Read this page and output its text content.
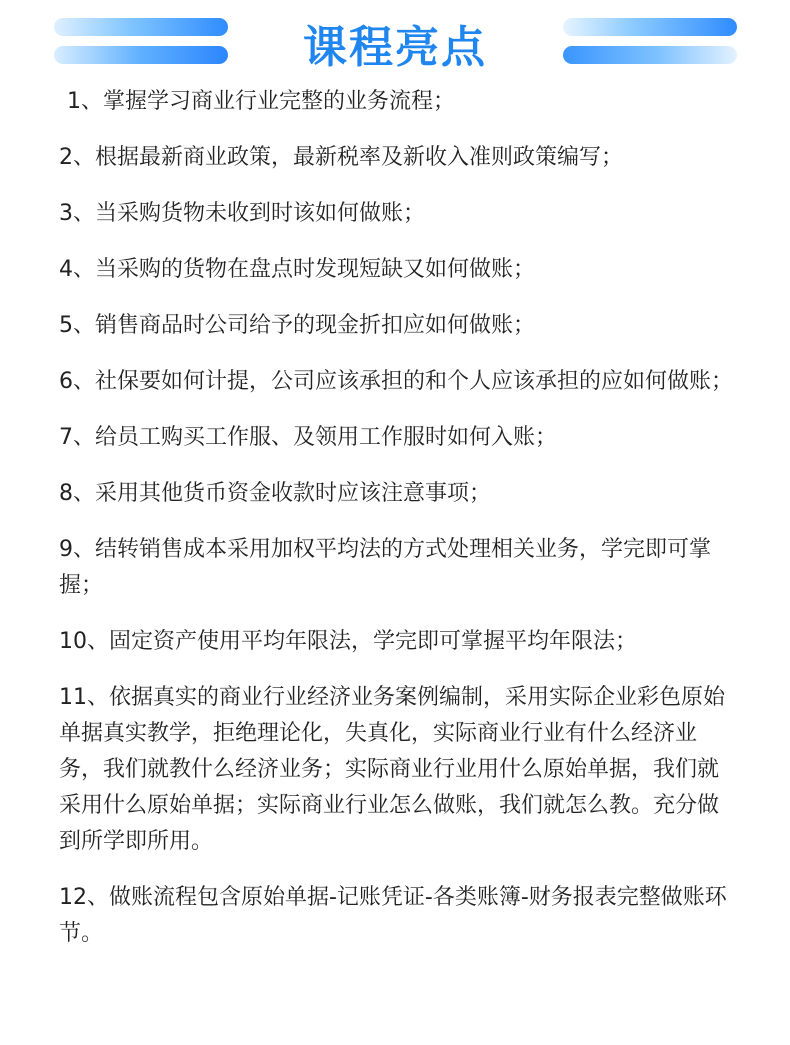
课程亮点
1、掌握学习商业行业完整的业务流程；
2、根据最新商业政策，最新税率及新收入准则政策编写；
3、当采购货物未收到时该如何做账；
4、当采购的货物在盘点时发现短缺又如何做账；
5、销售商品时公司给予的现金折扣应如何做账；
6、社保要如何计提，公司应该承担的和个人应该承担的应如何做账；
7、给员工购买工作服、及领用工作服时如何入账；
8、采用其他货币资金收款时应该注意事项；
9、结转销售成本采用加权平均法的方式处理相关业务，学完即可掌握；
10、固定资产使用平均年限法，学完即可掌握平均年限法；
11、依据真实的商业行业经济业务案例编制，采用实际企业彩色原始单据真实教学，拒绝理论化，失真化，实际商业行业有什么经济业务，我们就教什么经济业务；实际商业行业用什么原始单据，我们就采用什么原始单据；实际商业行业怎么做账，我们就怎么教。充分做到所学即所用。
12、做账流程包含原始单据-记账凭证-各类账簿-财务报表完整做账环节。
